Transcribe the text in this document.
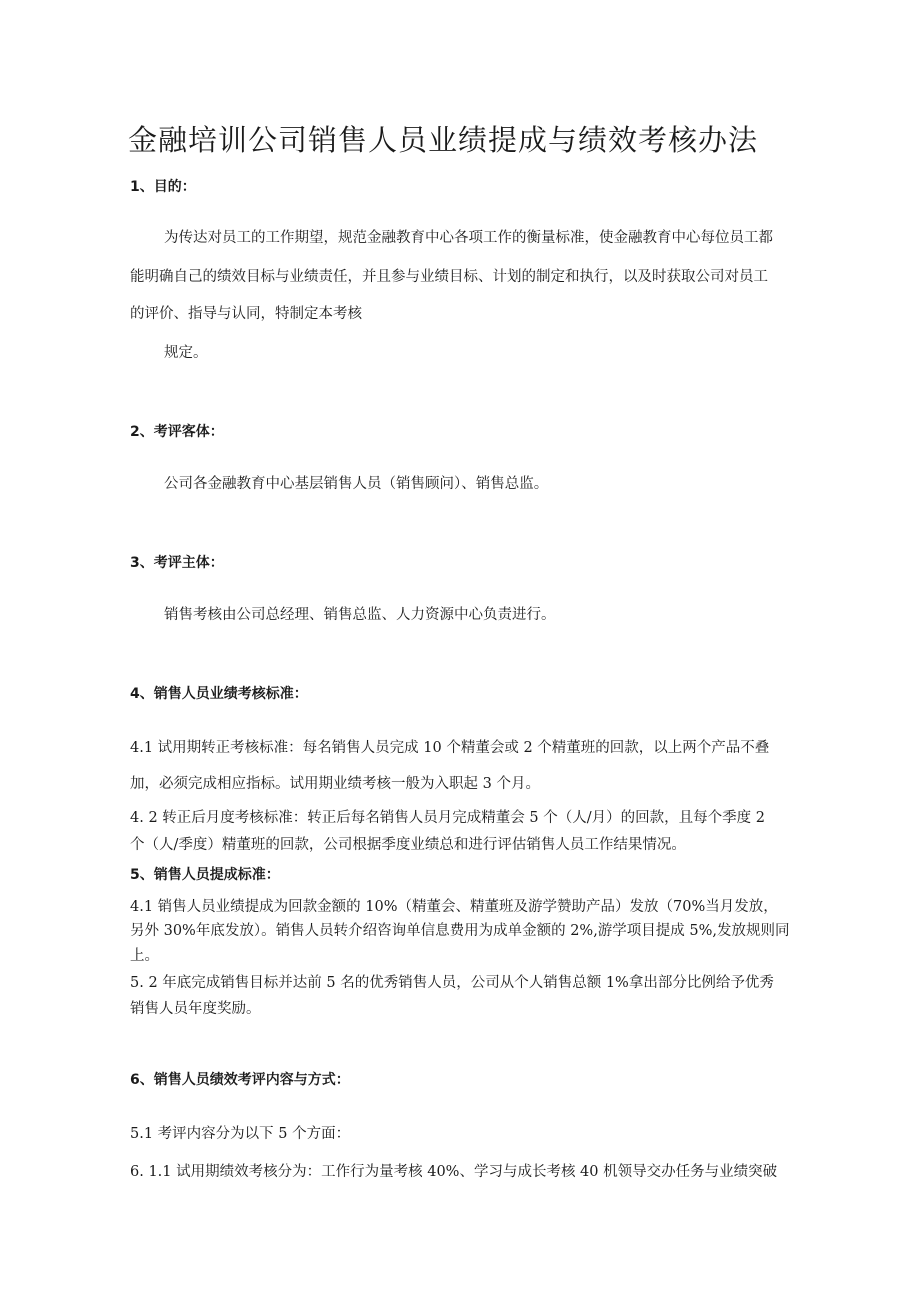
金融培训公司销售人员业绩提成与绩效考核办法
1、目的：
为传达对员工的工作期望，规范金融教育中心各项工作的衡量标准，使金融教育中心每位员工都
能明确自己的绩效目标与业绩责任，并且参与业绩目标、计划的制定和执行，以及时获取公司对员工
的评价、指导与认同，特制定本考核
规定。
2、考评客体：
公司各金融教育中心基层销售人员（销售顾问）、销售总监。
3、考评主体：
销售考核由公司总经理、销售总监、人力资源中心负责进行。
4、销售人员业绩考核标准：
4.1 试用期转正考核标准：每名销售人员完成 10 个精董会或 2 个精董班的回款，以上两个产品不叠
加，必须完成相应指标。试用期业绩考核一般为入职起 3 个月。
4. 2 转正后月度考核标准：转正后每名销售人员月完成精董会 5 个（人/月）的回款，且每个季度 2
个（人/季度）精董班的回款，公司根据季度业绩总和进行评估销售人员工作结果情况。
5、销售人员提成标准：
4.1 销售人员业绩提成为回款金额的 10%（精董会、精董班及游学赞助产品）发放（70%当月发放，
另外 30%年底发放）。销售人员转介绍咨询单信息费用为成单金额的 2%,游学项目提成 5%,发放规则同
上。
5. 2 年底完成销售目标并达前 5 名的优秀销售人员，公司从个人销售总额 1%拿出部分比例给予优秀
销售人员年度奖励。
6、销售人员绩效考评内容与方式：
5.1 考评内容分为以下 5 个方面：
6. 1.1 试用期绩效考核分为：工作行为量考核 40%、学习与成长考核 40 机领导交办任务与业绩突破
